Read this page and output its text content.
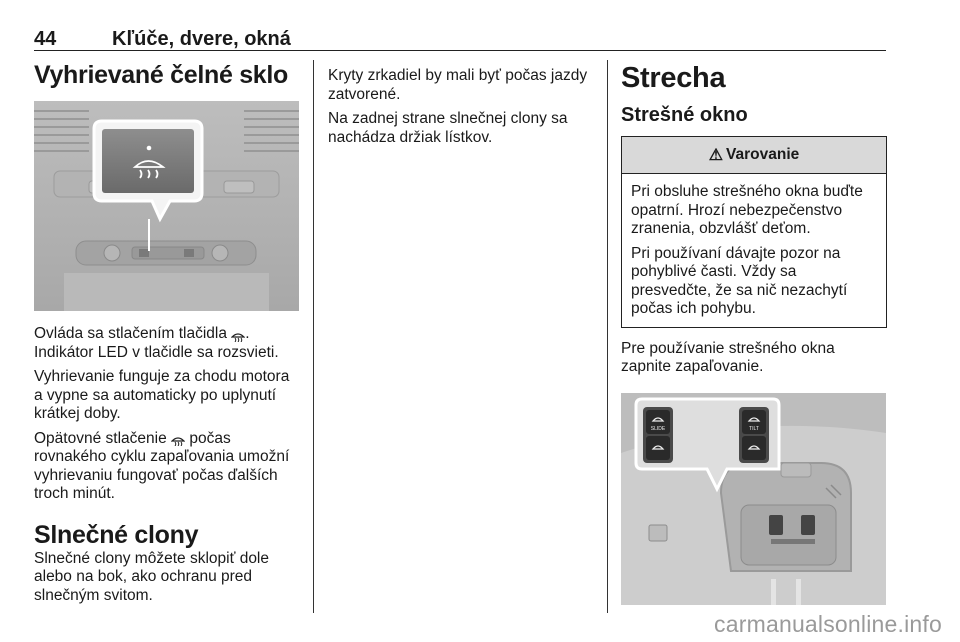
44	Kľúče, dvere, okná
Vyhrievané čelné sklo

Ovláda sa stlačením tlačidla .
Indikátor LED v tlačidle sa rozsvieti.

Vyhrievanie funguje za chodu motora a vypne sa automaticky po uplynutí krátkej doby.

Opätovné stlačenie počas rovnakého cyklu zapaľovania umožní vyhrievaniu fungovať počas ďalších troch minút.

Slnečné clony

Slnečné clony môžete sklopiť dole alebo na bok, ako ochranu pred slnečným svitom.

Kryty zrkadiel by mali byť počas jazdy zatvorené.

Na zadnej strane slnečnej clony sa nachádza držiak lístkov.

Strecha
Strešné okno
⚠ Varovanie

Pri obsluhe strešného okna buďte opatrní. Hrozí nebezpečenstvo zranenia, obzvlášť deťom.

Pri používaní dávajte pozor na pohyblivé časti. Vždy sa presvedčte, že sa nič nezachytí počas ich pohybu.

Pre používanie strešného okna zapnite zapaľovanie.

SLIDE	TILT
carmanualsonline.info
